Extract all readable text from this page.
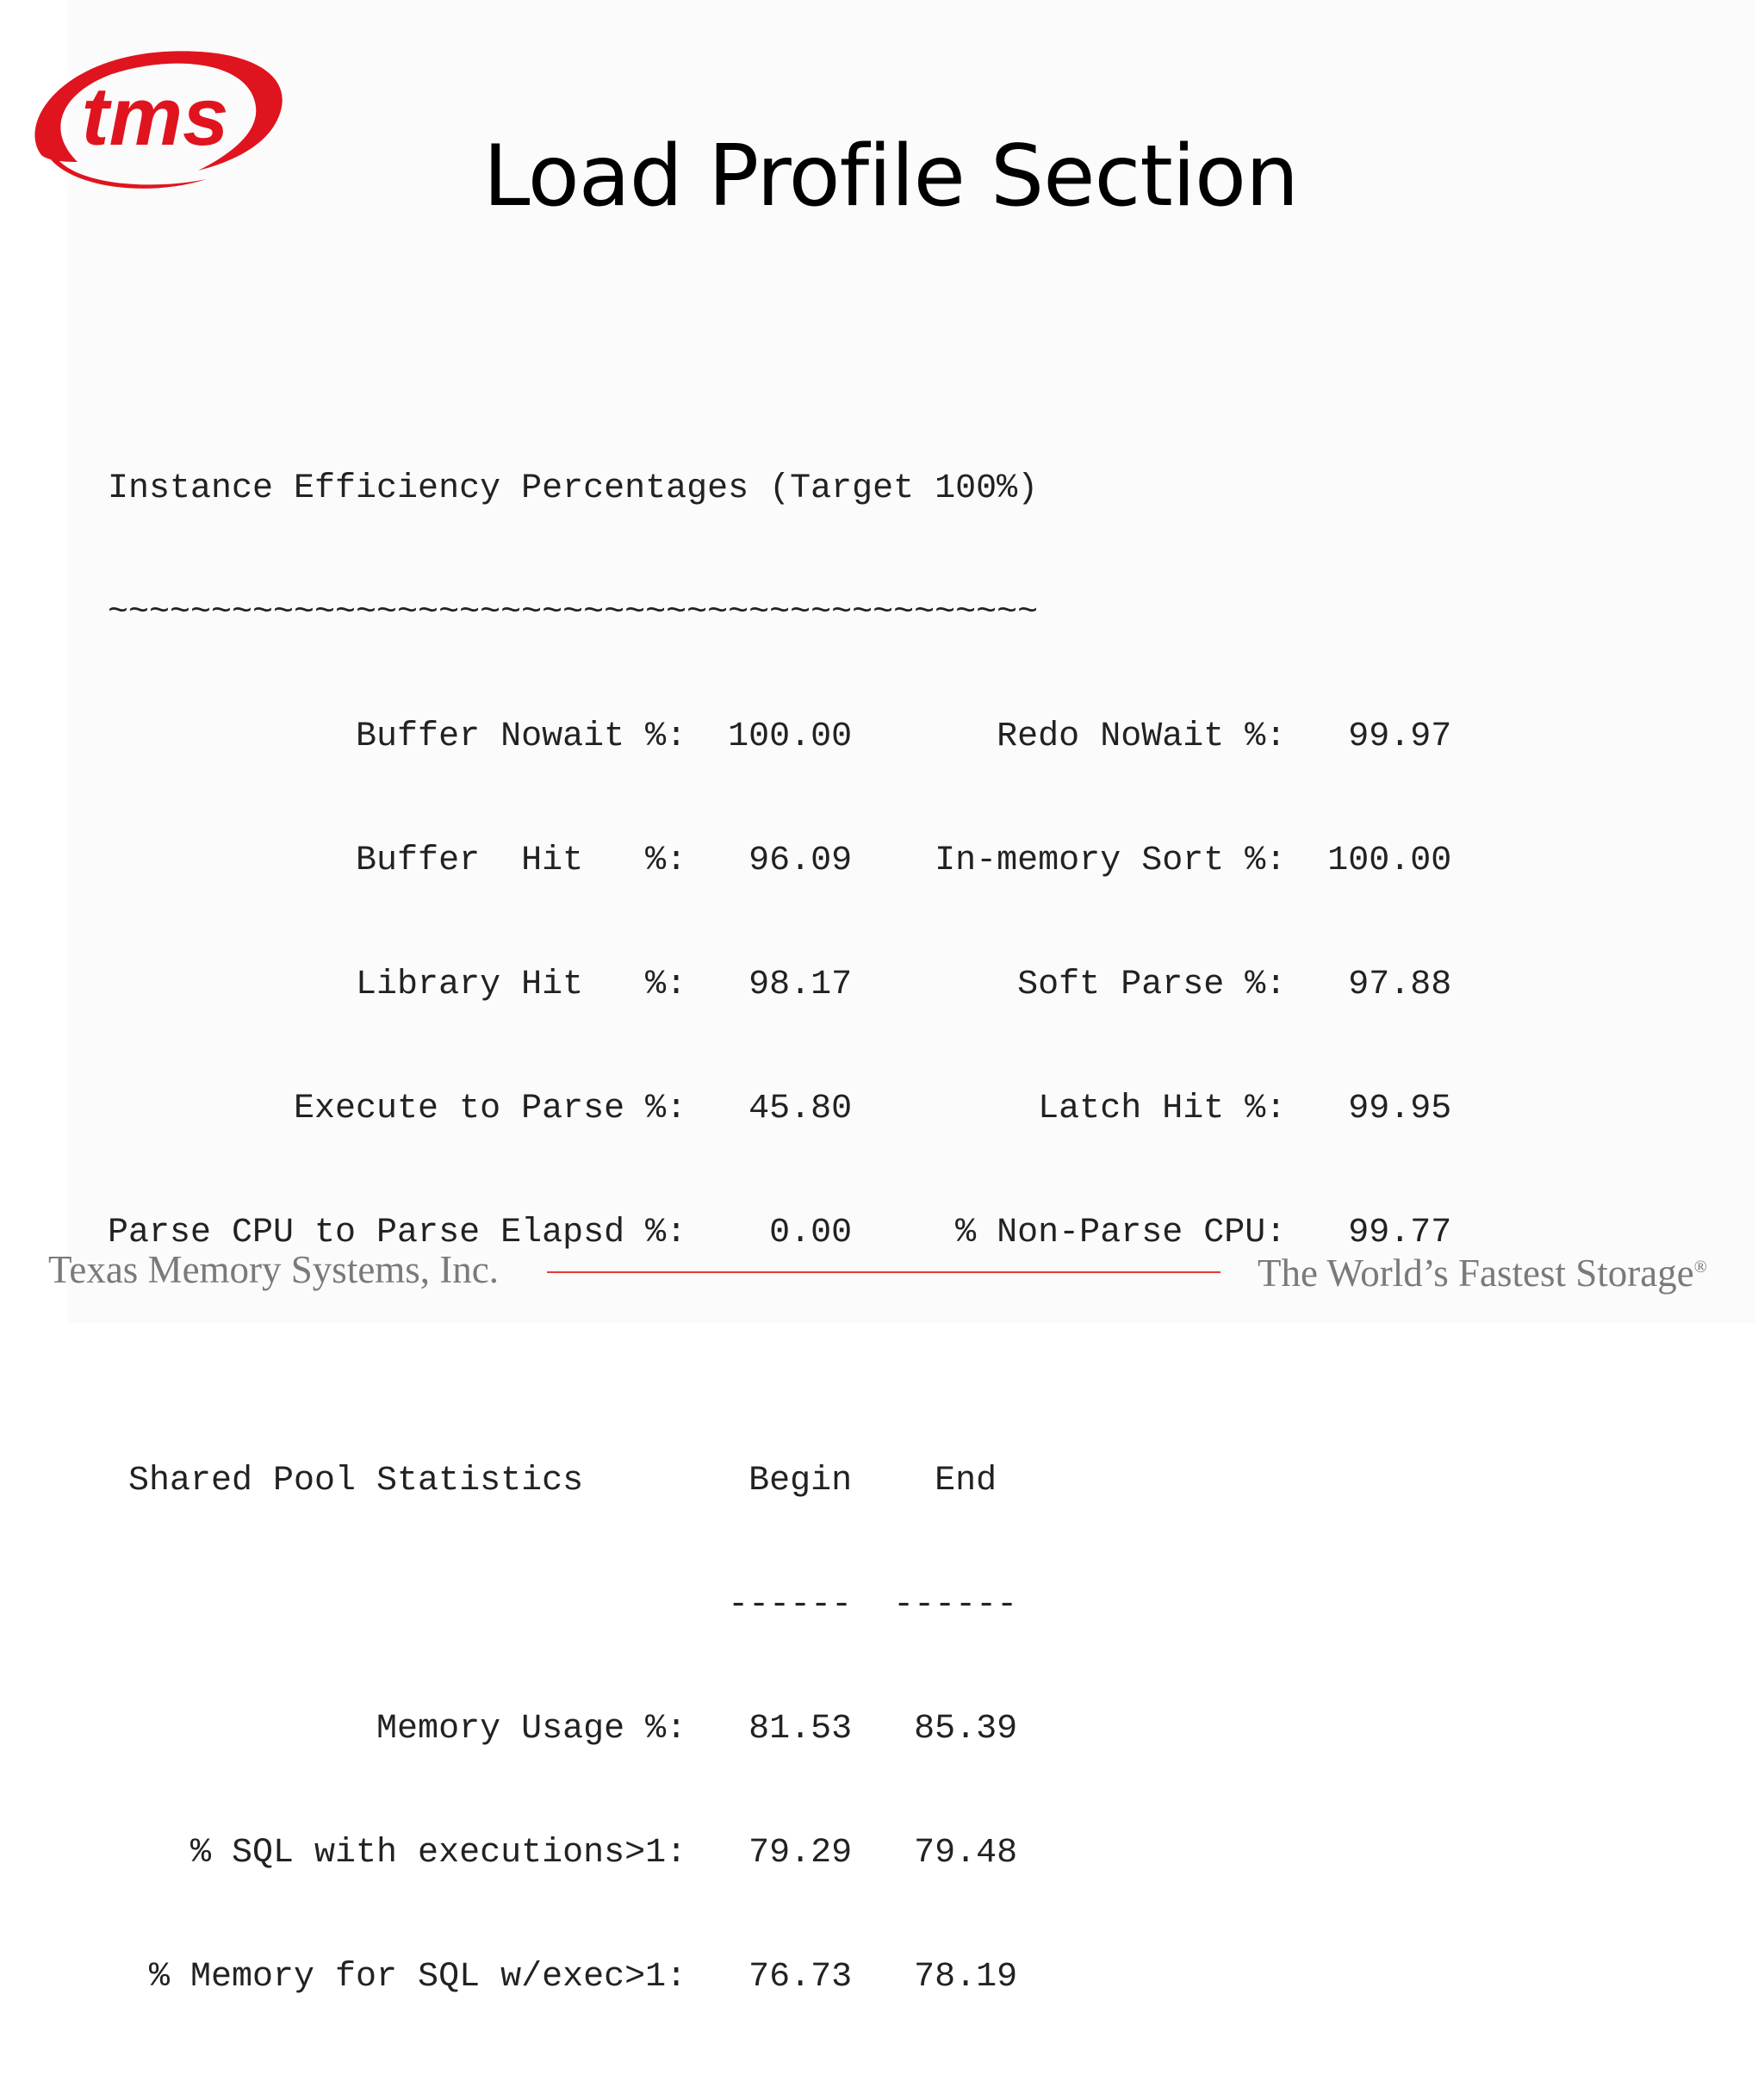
tms
Load Profile Section

Instance Efficiency Percentages (Target 100%)

~~~~~~~~~~~~~~~~~~~~~~~~~~~~~~~~~~~~~~~~~~~~~

Buffer Nowait %:  100.00       Redo NoWait %:   99.97

Buffer  Hit   %:   96.09    In-memory Sort %:  100.00

Library Hit   %:   98.17        Soft Parse %:   97.88

Execute to Parse %:   45.80         Latch Hit %:   99.95

Parse CPU to Parse Elapsd %:    0.00     % Non-Parse CPU:   99.77

Shared Pool Statistics        Begin    End

------  ------

Memory Usage %:   81.53   85.39

% SQL with executions>1:   79.29   79.48

% Memory for SQL w/exec>1:   76.73   78.19

Texas Memory Systems, Inc.	The World’s Fastest Storage®
